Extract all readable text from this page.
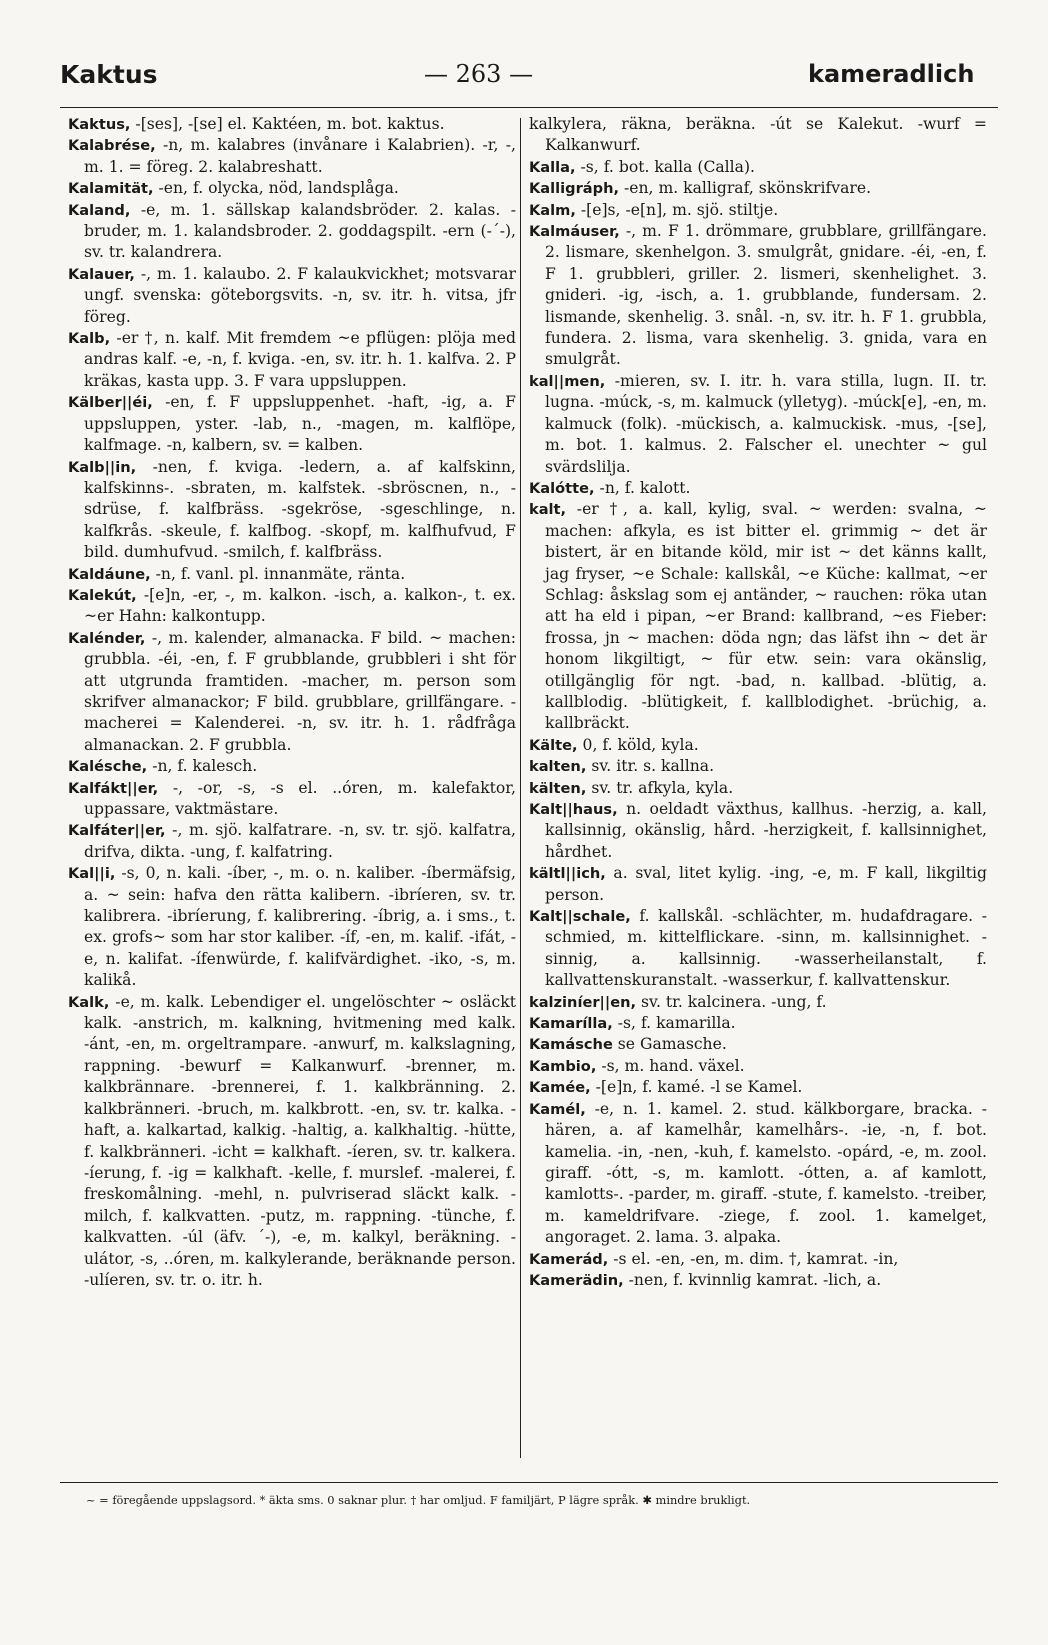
Kaktus	— 263 —	kameradlich

Kaktus, -[ses], -[se] el. Kaktéen, m. bot. kaktus.

Kalabrése, -n, m. kalabres (invånare i Kalabrien). -r, -, m. 1. = föreg. 2. kalabreshatt.

Kalamität, -en, f. olycka, nöd, landsplåga.

Kaland, -e, m. 1. sällskap kalandsbröder. 2. kalas. -bruder, m. 1. kalandsbroder. 2. goddagspilt. -ern (-´-), sv. tr. kalandrera.

Kalauer, -, m. 1. kalaubo. 2. F kalaukvickhet; motsvarar ungf. svenska: göteborgsvits. -n, sv. itr. h. vitsa, jfr föreg.

Kalb, -er †, n. kalf. Mit fremdem ~e pflügen: plöja med andras kalf. -e, -n, f. kviga. -en, sv. itr. h. 1. kalfva. 2. P kräkas, kasta upp. 3. F vara uppsluppen.

Kälber||éi, -en, f. F uppsluppenhet. -haft, -ig, a. F uppsluppen, yster. -lab, n., -magen, m. kalflöpe, kalfmage. -n, kalbern, sv. = kalben.

Kalb||in, -nen, f. kviga. -ledern, a. af kalfskinn, kalfskinns-. -sbraten, m. kalfstek. -sbröscnen, n., -sdrüse, f. kalfbräss. -sgekröse, -sgeschlinge, n. kalfkrås. -skeule, f. kalfbog. -skopf, m. kalfhufvud, F bild. dumhufvud. -smilch, f. kalfbräss.

Kaldáune, -n, f. vanl. pl. innanmäte, ränta.

Kalekút, -[e]n, -er, -, m. kalkon. -isch, a. kalkon-, t. ex. ~er Hahn: kalkontupp.

Kalénder, -, m. kalender, almanacka. F bild. ~ machen: grubbla. -éi, -en, f. F grubblande, grubbleri i sht för att utgrunda framtiden. -macher, m. person som skrifver almanackor; F bild. grubblare, grillfängare. -macherei = Kalenderei. -n, sv. itr. h. 1. rådfråga almanackan. 2. F grubbla.

Kalésche, -n, f. kalesch.

Kalfákt||er, -, -or, -s, -s el. ..óren, m. kalefaktor, uppassare, vaktmästare.

Kalfáter||er, -, m. sjö. kalfatrare. -n, sv. tr. sjö. kalfatra, drifva, dikta. -ung, f. kalfatring.

Kal||i, -s, 0, n. kali. -íber, -, m. o. n. kaliber. -íbermäfsig, a. ~ sein: hafva den rätta kalibern. -ibríeren, sv. tr. kalibrera. -ibríerung, f. kalibrering. -íbrig, a. i sms., t. ex. grofs~ som har stor kaliber. -íf, -en, m. kalif. -ifát, -e, n. kalifat. -ífenwürde, f. kalifvärdighet. -iko, -s, m. kalikå.

Kalk, -e, m. kalk. Lebendiger el. ungelöschter ~ osläckt kalk. -anstrich, m. kalkning, hvitmening med kalk. -ánt, -en, m. orgeltrampare. -anwurf, m. kalkslagning, rappning. -bewurf = Kalkanwurf. -brenner, m. kalkbrännare. -brennerei, f. 1. kalkbränning. 2. kalkbränneri. -bruch, m. kalkbrott. -en, sv. tr. kalka. -haft, a. kalkartad, kalkig. -haltig, a. kalkhaltig. -hütte, f. kalkbränneri. -icht = kalkhaft. -íeren, sv. tr. kalkera. -íerung, f. -ig = kalkhaft. -kelle, f. murslef. -malerei, f. freskomålning. -mehl, n. pulvriserad släckt kalk. -milch, f. kalkvatten. -putz, m. rappning. -tünche, f. kalkvatten. -úl (äfv. ´-), -e, m. kalkyl, beräkning. -ulátor, -s, ..óren, m. kalkylerande, beräknande person. -ulíeren, sv. tr. o. itr. h.

kalkylera, räkna, beräkna. -út se Kalekut. -wurf = Kalkanwurf.

Kalla, -s, f. bot. kalla (Calla).

Kalligráph, -en, m. kalligraf, skönskrifvare.

Kalm, -[e]s, -e[n], m. sjö. stiltje.

Kalmáuser, -, m. F 1. drömmare, grubblare, grillfängare. 2. lismare, skenhelgon. 3. smulgråt, gnidare. -éi, -en, f. F 1. grubbleri, griller. 2. lismeri, skenhelighet. 3. gnideri. -ig, -isch, a. 1. grubblande, fundersam. 2. lismande, skenhelig. 3. snål. -n, sv. itr. h. F 1. grubbla, fundera. 2. lisma, vara skenhelig. 3. gnida, vara en smulgråt.

kal||men, -mieren, sv. I. itr. h. vara stilla, lugn. II. tr. lugna. -múck, -s, m. kalmuck (ylletyg). -múck[e], -en, m. kalmuck (folk). -mückisch, a. kalmuckisk. -mus, -[se], m. bot. 1. kalmus. 2. Falscher el. unechter ~ gul svärdslilja.

Kalótte, -n, f. kalott.

kalt, -er †, a. kall, kylig, sval. ~ werden: svalna, ~ machen: afkyla, es ist bitter el. grimmig ~ det är bistert, är en bitande köld, mir ist ~ det känns kallt, jag fryser, ~e Schale: kallskål, ~e Küche: kallmat, ~er Schlag: åskslag som ej antänder, ~ rauchen: röka utan att ha eld i pipan, ~er Brand: kallbrand, ~es Fieber: frossa, jn ~ machen: döda ngn; das läfst ihn ~ det är honom likgiltigt, ~ für etw. sein: vara okänslig, otillgänglig för ngt. -bad, n. kallbad. -blütig, a. kallblodig. -blütigkeit, f. kallblodighet. -brüchig, a. kallbräckt.

Kälte, 0, f. köld, kyla.

kalten, sv. itr. s. kallna.

kälten, sv. tr. afkyla, kyla.

Kalt||haus, n. oeldadt växthus, kallhus. -herzig, a. kall, kallsinnig, okänslig, hård. -herzigkeit, f. kallsinnighet, hårdhet.

kältl||ich, a. sval, litet kylig. -ing, -e, m. F kall, likgiltig person.

Kalt||schale, f. kallskål. -schlächter, m. hudafdragare. -schmied, m. kittelflickare. -sinn, m. kallsinnighet. -sinnig, a. kallsinnig. -wasserheilanstalt, f. kallvattenskuranstalt. -wasserkur, f. kallvattenskur.

kalziníer||en, sv. tr. kalcinera. -ung, f.

Kamarílla, -s, f. kamarilla.

Kamásche se Gamasche.

Kambio, -s, m. hand. växel.

Kamée, -[e]n, f. kamé. -l se Kamel.

Kamél, -e, n. 1. kamel. 2. stud. kälkborgare, bracka. -hären, a. af kamelhår, kamelhårs-. -ie, -n, f. bot. kamelia. -in, -nen, -kuh, f. kamelsto. -opárd, -e, m. zool. giraff. -ótt, -s, m. kamlott. -ótten, a. af kamlott, kamlotts-. -parder, m. giraff. -stute, f. kamelsto. -treiber, m. kameldrifvare. -ziege, f. zool. 1. kamelget, angoraget. 2. lama. 3. alpaka.

Kamerád, -s el. -en, -en, m. dim. †, kamrat. -in,

Kamerädin, -nen, f. kvinnlig kamrat. -lich, a.

~ = föregående uppslagsord. * äkta sms. 0 saknar plur. † har omljud. F familjärt, P lägre språk. ✱ mindre brukligt.
